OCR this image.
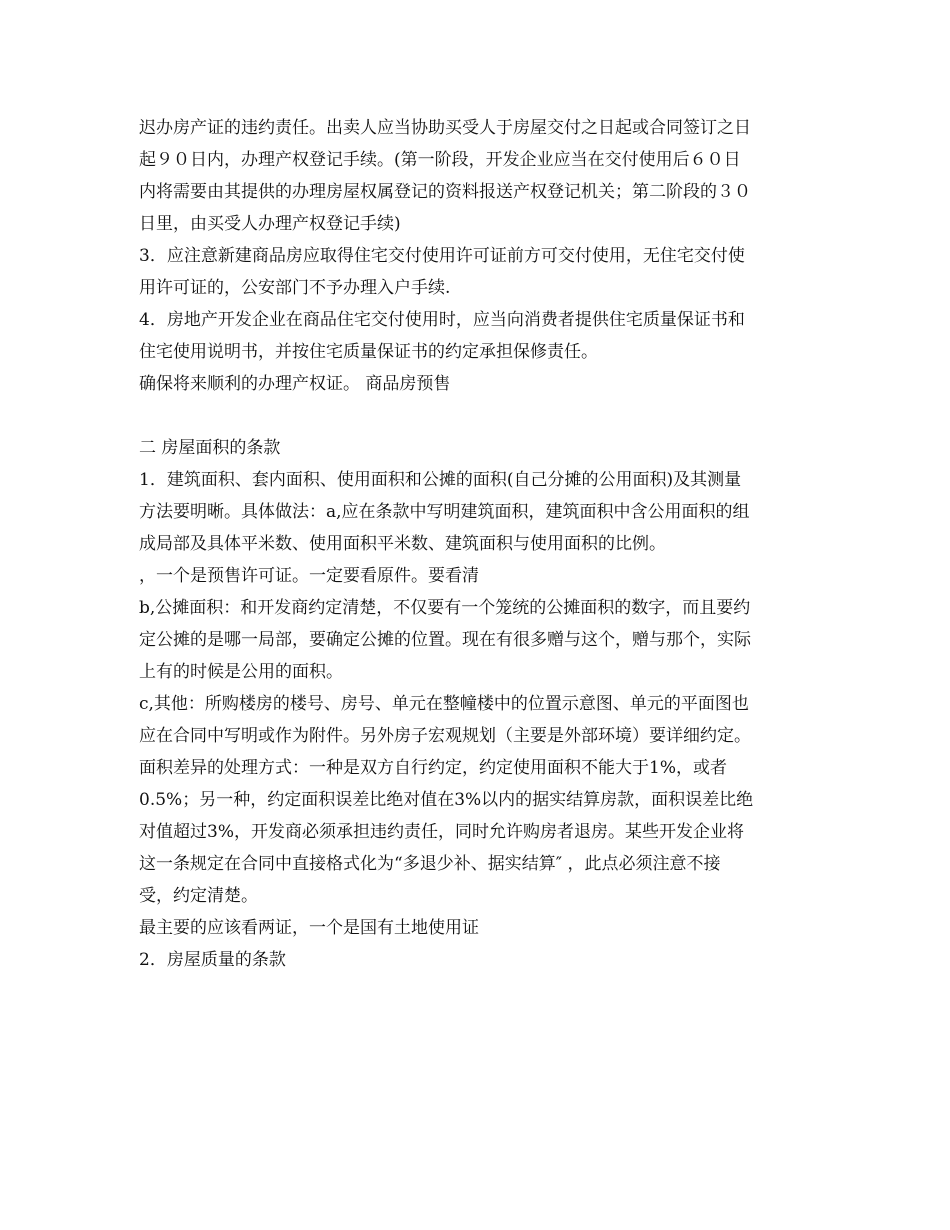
迟办房产证的违约责任。出卖人应当协助买受人于房屋交付之日起或合同签订之日
起９０日内，办理产权登记手续。(第一阶段，开发企业应当在交付使用后６０日
内将需要由其提供的办理房屋权属登记的资料报送产权登记机关；第二阶段的３０
日里，由买受人办理产权登记手续)
3．应注意新建商品房应取得住宅交付使用许可证前方可交付使用，无住宅交付使
用许可证的，公安部门不予办理入户手续.
4．房地产开发企业在商品住宅交付使用时，应当向消费者提供住宅质量保证书和
住宅使用说明书，并按住宅质量保证书的约定承担保修责任。
确保将来顺利的办理产权证。 商品房预售
二 房屋面积的条款
1．建筑面积、套内面积、使用面积和公摊的面积(自己分摊的公用面积)及其测量
方法要明晰。具体做法：a,应在条款中写明建筑面积，建筑面积中含公用面积的组
成局部及具体平米数、使用面积平米数、建筑面积与使用面积的比例。
，一个是预售许可证。一定要看原件。要看清
b,公摊面积：和开发商约定清楚，不仅要有一个笼统的公摊面积的数字，而且要约
定公摊的是哪一局部，要确定公摊的位置。现在有很多赠与这个，赠与那个，实际
上有的时候是公用的面积。
c,其他：所购楼房的楼号、房号、单元在整幢楼中的位置示意图、单元的平面图也
应在合同中写明或作为附件。另外房子宏观规划（主要是外部环境）要详细约定。
面积差异的处理方式：一种是双方自行约定，约定使用面积不能大于1%，或者
0.5%；另一种，约定面积误差比绝对值在3%以内的据实结算房款，面积误差比绝
对值超过3%，开发商必须承担违约责任，同时允许购房者退房。某些开发企业将
这一条规定在合同中直接格式化为“多退少补、据实结算″ ，此点必须注意不接
受，约定清楚。
最主要的应该看两证，一个是国有土地使用证
2．房屋质量的条款
